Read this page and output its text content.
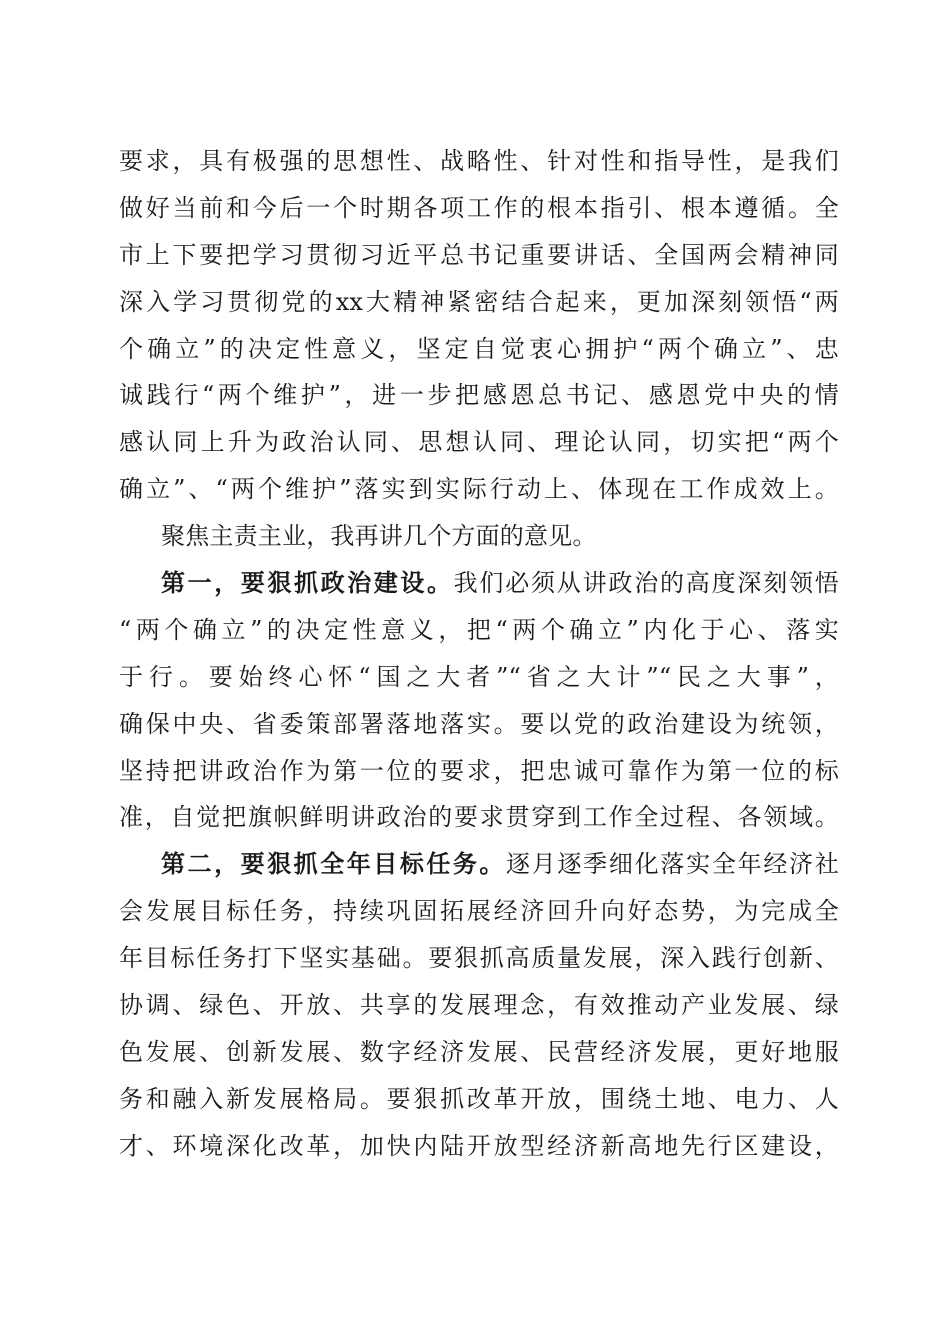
要求，具有极强的思想性、战略性、针对性和指导性，是我们
做好当前和今后一个时期各项工作的根本指引、根本遵循。全
市上下要把学习贯彻习近平总书记重要讲话、全国两会精神同
深入学习贯彻党的xx大精神紧密结合起来，更加深刻领悟“两
个确立”的决定性意义，坚定自觉衷心拥护“两个确立”、忠
诚践行“两个维护”，进一步把感恩总书记、感恩党中央的情
感认同上升为政治认同、思想认同、理论认同，切实把“两个
确立”、“两个维护”落实到实际行动上、体现在工作成效上。
聚焦主责主业，我再讲几个方面的意见。
第一，要狠抓政治建设。我们必须从讲政治的高度深刻领悟
“两个确立”的决定性意义，把“两个确立”内化于心、落实
于行。要始终心怀“国之大者”“省之大计”“民之大事”，
确保中央、省委策部署落地落实。要以党的政治建设为统领，
坚持把讲政治作为第一位的要求，把忠诚可靠作为第一位的标
准，自觉把旗帜鲜明讲政治的要求贯穿到工作全过程、各领域。
第二，要狠抓全年目标任务。逐月逐季细化落实全年经济社
会发展目标任务，持续巩固拓展经济回升向好态势，为完成全
年目标任务打下坚实基础。要狠抓高质量发展，深入践行创新、
协调、绿色、开放、共享的发展理念，有效推动产业发展、绿
色发展、创新发展、数字经济发展、民营经济发展，更好地服
务和融入新发展格局。要狠抓改革开放，围绕土地、电力、人
才、环境深化改革，加快内陆开放型经济新高地先行区建设，
